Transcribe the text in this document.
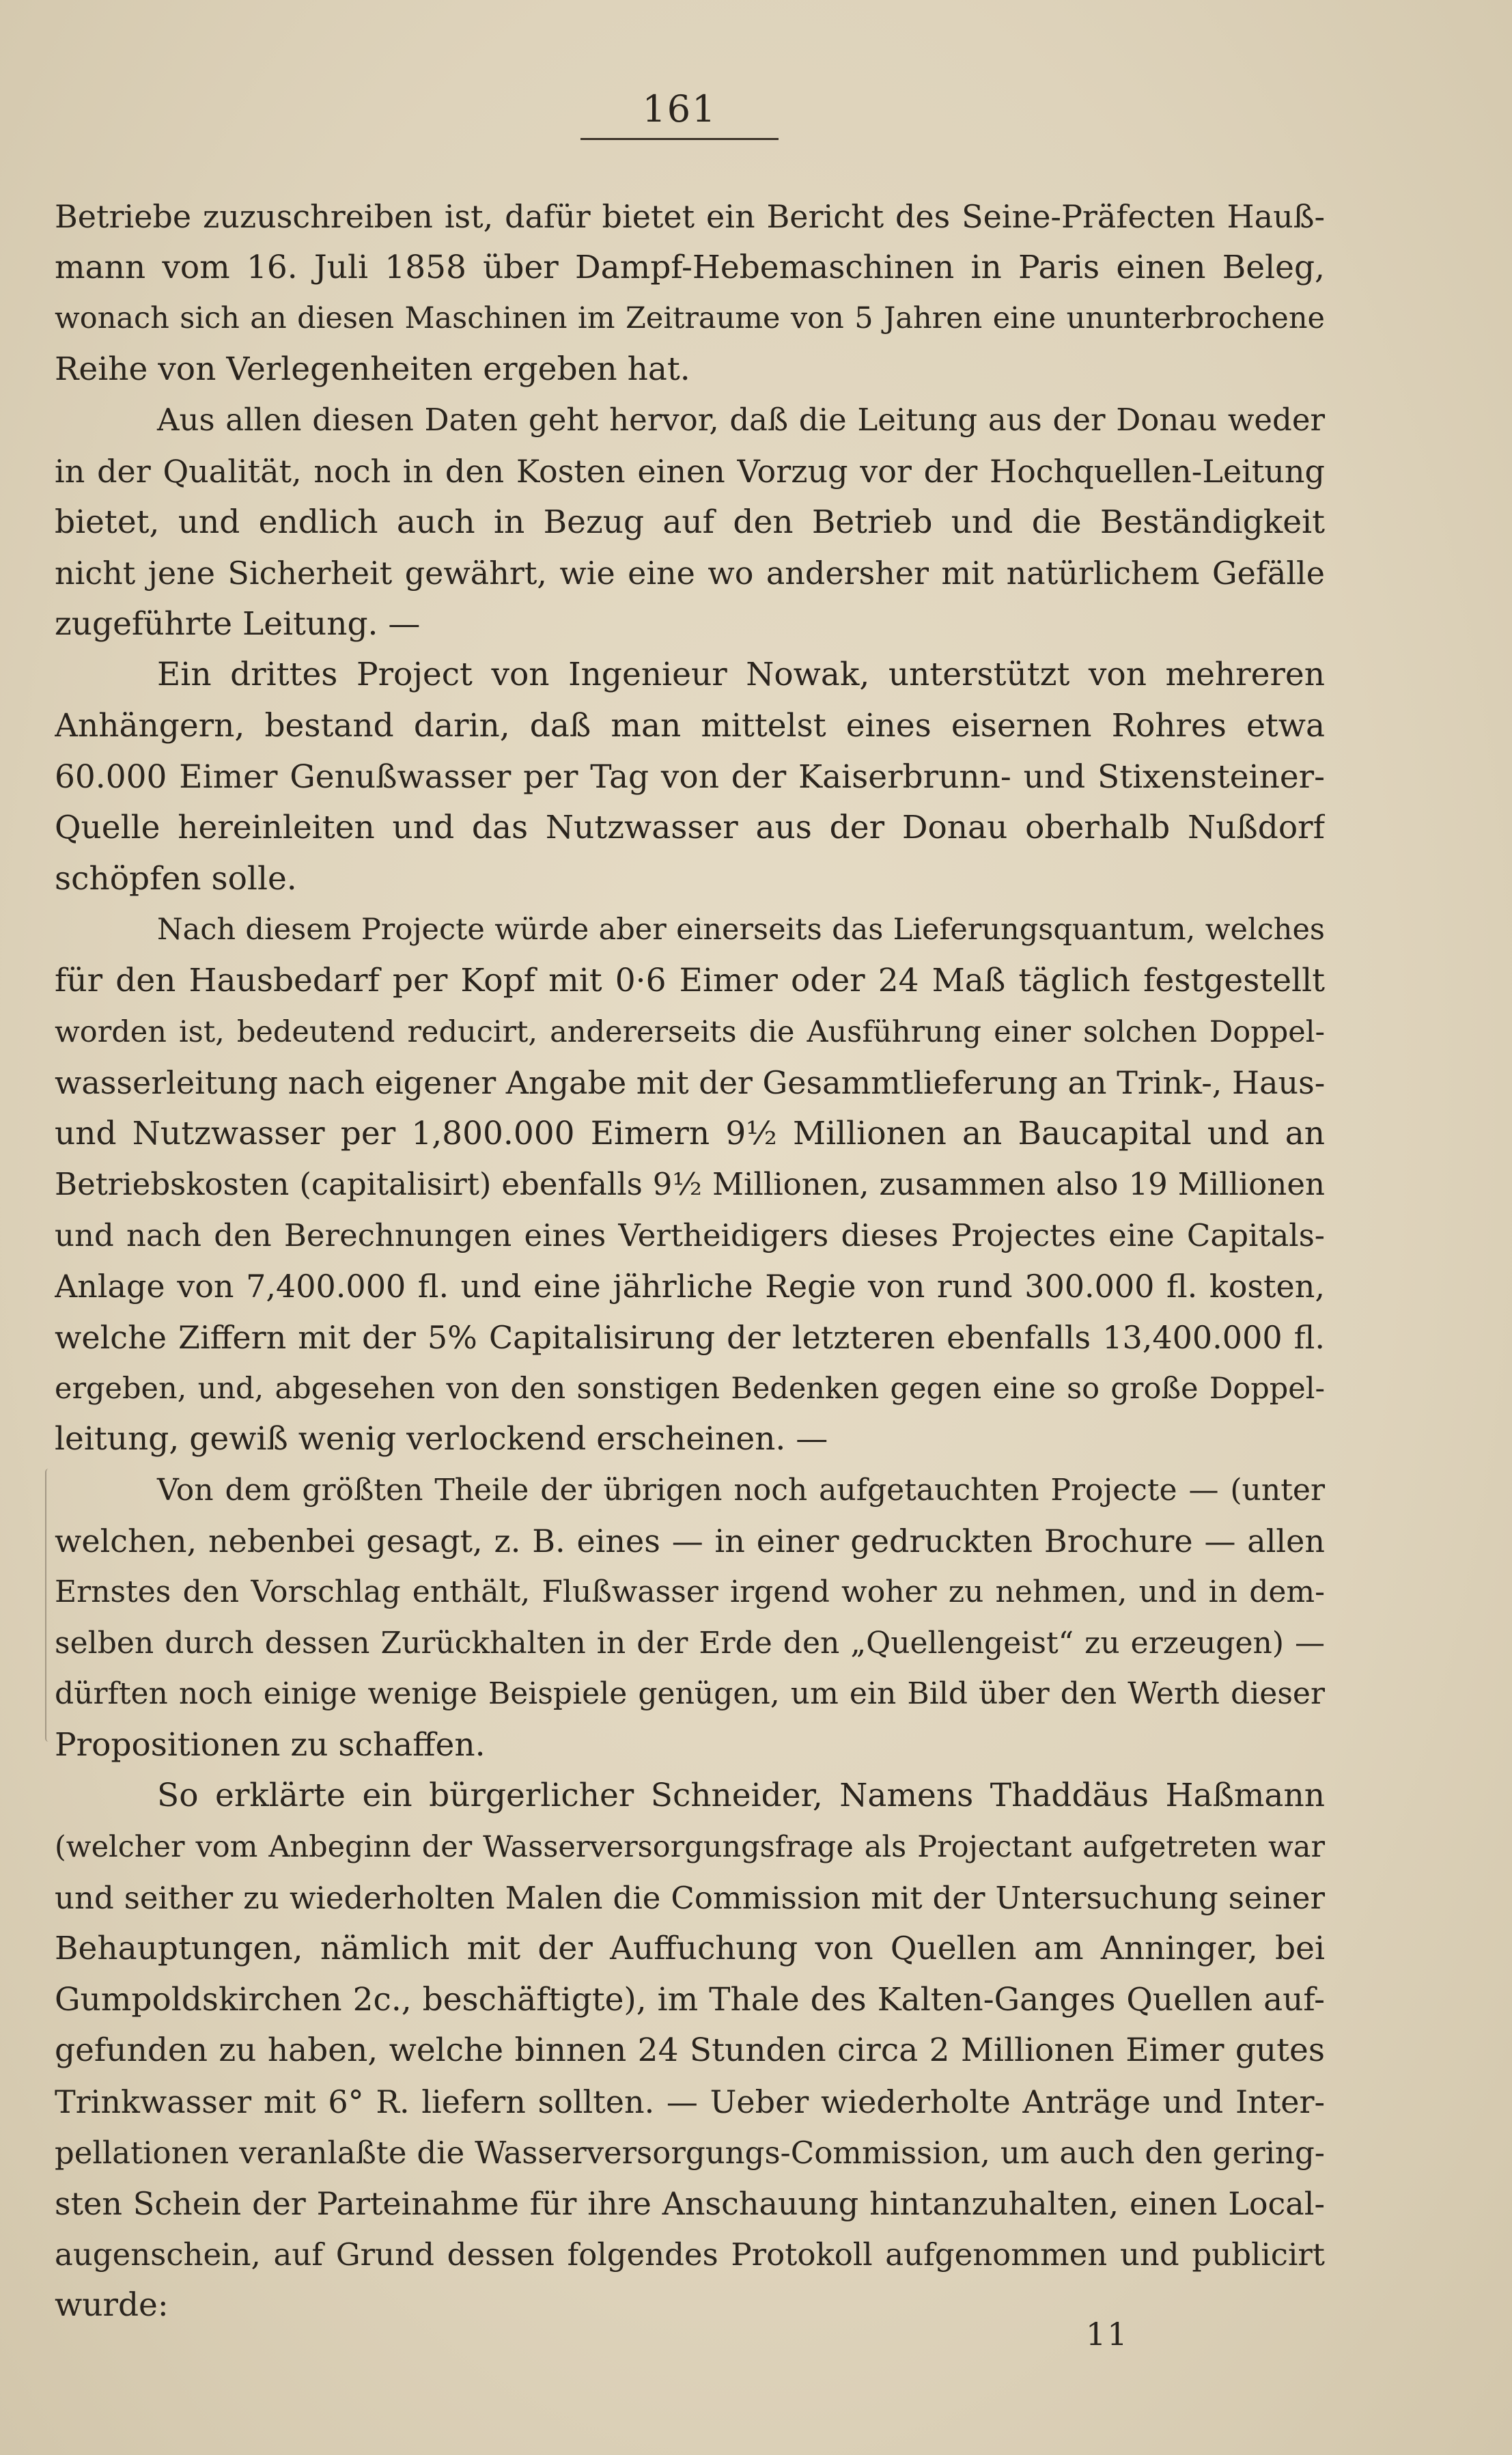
161
Betriebe zuzuschreiben ist, dafür bietet ein Bericht des Seine-Präfecten Hauß-
mann vom 16. Juli 1858 über Dampf-Hebemaschinen in Paris einen Beleg,
wonach sich an diesen Maschinen im Zeitraume von 5 Jahren eine ununterbrochene
Reihe von Verlegenheiten ergeben hat.
Aus allen diesen Daten geht hervor, daß die Leitung aus der Donau weder
in der Qualität, noch in den Kosten einen Vorzug vor der Hochquellen-Leitung
bietet, und endlich auch in Bezug auf den Betrieb und die Beständigkeit
nicht jene Sicherheit gewährt, wie eine wo andersher mit natürlichem Gefälle
zugeführte Leitung. —
Ein drittes Project von Ingenieur Nowak, unterstützt von mehreren
Anhängern, bestand darin, daß man mittelst eines eisernen Rohres etwa
60.000 Eimer Genußwasser per Tag von der Kaiserbrunn- und Stixensteiner-
Quelle hereinleiten und das Nutzwasser aus der Donau oberhalb Nußdorf
schöpfen solle.
Nach diesem Projecte würde aber einerseits das Lieferungsquantum, welches
für den Hausbedarf per Kopf mit 0·6 Eimer oder 24 Maß täglich festgestellt
worden ist, bedeutend reducirt, andererseits die Ausführung einer solchen Doppel-
wasserleitung nach eigener Angabe mit der Gesammtlieferung an Trink-, Haus-
und Nutzwasser per 1,800.000 Eimern 9½ Millionen an Baucapital und an
Betriebskosten (capitalisirt) ebenfalls 9½ Millionen, zusammen also 19 Millionen
und nach den Berechnungen eines Vertheidigers dieses Projectes eine Capitals-
Anlage von 7,400.000 fl. und eine jährliche Regie von rund 300.000 fl. kosten,
welche Ziffern mit der 5% Capitalisirung der letzteren ebenfalls 13,400.000 fl.
ergeben, und, abgesehen von den sonstigen Bedenken gegen eine so große Doppel-
leitung, gewiß wenig verlockend erscheinen. —
Von dem größten Theile der übrigen noch aufgetauchten Projecte — (unter
welchen, nebenbei gesagt, z. B. eines — in einer gedruckten Brochure — allen
Ernstes den Vorschlag enthält, Flußwasser irgend woher zu nehmen, und in dem-
selben durch dessen Zurückhalten in der Erde den „Quellengeist“ zu erzeugen) —
dürften noch einige wenige Beispiele genügen, um ein Bild über den Werth dieser
Propositionen zu schaffen.
So erklärte ein bürgerlicher Schneider, Namens Thaddäus Haßmann
(welcher vom Anbeginn der Wasserversorgungsfrage als Projectant aufgetreten war
und seither zu wiederholten Malen die Commission mit der Untersuchung seiner
Behauptungen, nämlich mit der Auffuchung von Quellen am Anninger, bei
Gumpoldskirchen 2c., beschäftigte), im Thale des Kalten-Ganges Quellen auf-
gefunden zu haben, welche binnen 24 Stunden circa 2 Millionen Eimer gutes
Trinkwasser mit 6° R. liefern sollten. — Ueber wiederholte Anträge und Inter-
pellationen veranlaßte die Wasserversorgungs-Commission, um auch den gering-
sten Schein der Parteinahme für ihre Anschauung hintanzuhalten, einen Local-
augenschein, auf Grund dessen folgendes Protokoll aufgenommen und publicirt
wurde:
11
